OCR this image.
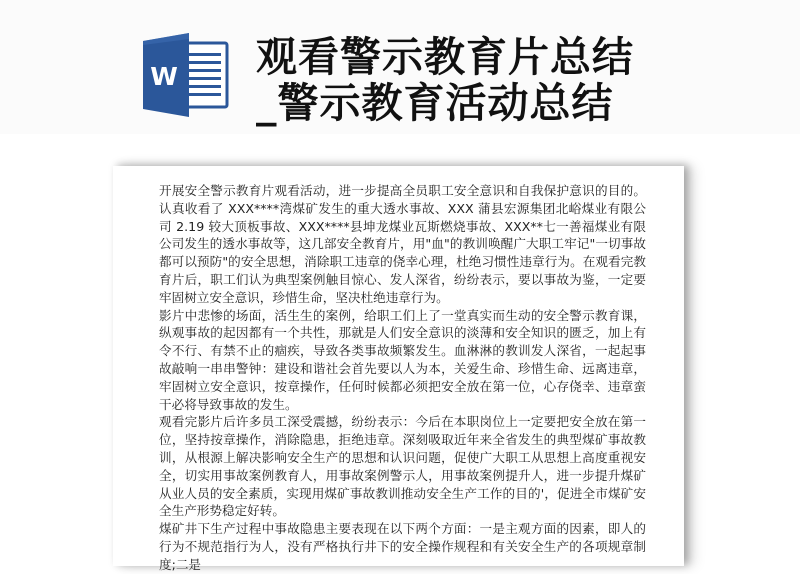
W 观看警示教育片总结
_警示教育活动总结

开展安全警示教育片观看活动，进一步提高全员职工安全意识和自我保护意识的目的。认真收看了 XXX****湾煤矿发生的重大透水事故、XXX 蒲县宏源集团北峪煤业有限公司 2.19 较大顶板事故、XXX****县坤龙煤业瓦斯燃烧事故、XXX**七一善福煤业有限公司发生的透水事故等，这几部安全教育片，用"血"的教训唤醒广大职工牢记"一切事故都可以预防"的安全思想，消除职工违章的侥幸心理，杜绝习惯性违章行为。在观看完教育片后，职工们认为典型案例触目惊心、发人深省，纷纷表示，要以事故为鉴，一定要牢固树立安全意识，珍惜生命，坚决杜绝违章行为。

影片中悲惨的场面，活生生的案例，给职工们上了一堂真实而生动的安全警示教育课，纵观事故的起因都有一个共性，那就是人们安全意识的淡薄和安全知识的匮乏，加上有令不行、有禁不止的痼疾，导致各类事故频繁发生。血淋淋的教训发人深省，一起起事故敲响一串串警钟：建设和谐社会首先要以人为本，关爱生命、珍惜生命、远离违章，牢固树立安全意识，按章操作，任何时候都必须把安全放在第一位，心存侥幸、违章蛮干必将导致事故的发生。

观看完影片后许多员工深受震撼，纷纷表示：今后在本职岗位上一定要把安全放在第一位，坚持按章操作，消除隐患，拒绝违章。深刻吸取近年来全省发生的典型煤矿事故教训，从根源上解决影响安全生产的思想和认识问题，促使广大职工从思想上高度重视安全，切实用事故案例教育人，用事故案例警示人，用事故案例提升人，进一步提升煤矿从业人员的安全素质，实现用煤矿事故教训推动安全生产工作的目的'，促进全市煤矿安全生产形势稳定好转。

煤矿井下生产过程中事故隐患主要表现在以下两个方面：一是主观方面的因素，即人的行为不规范指行为人，没有严格执行井下的安全操作规程和有关安全生产的各项规章制度;二是
